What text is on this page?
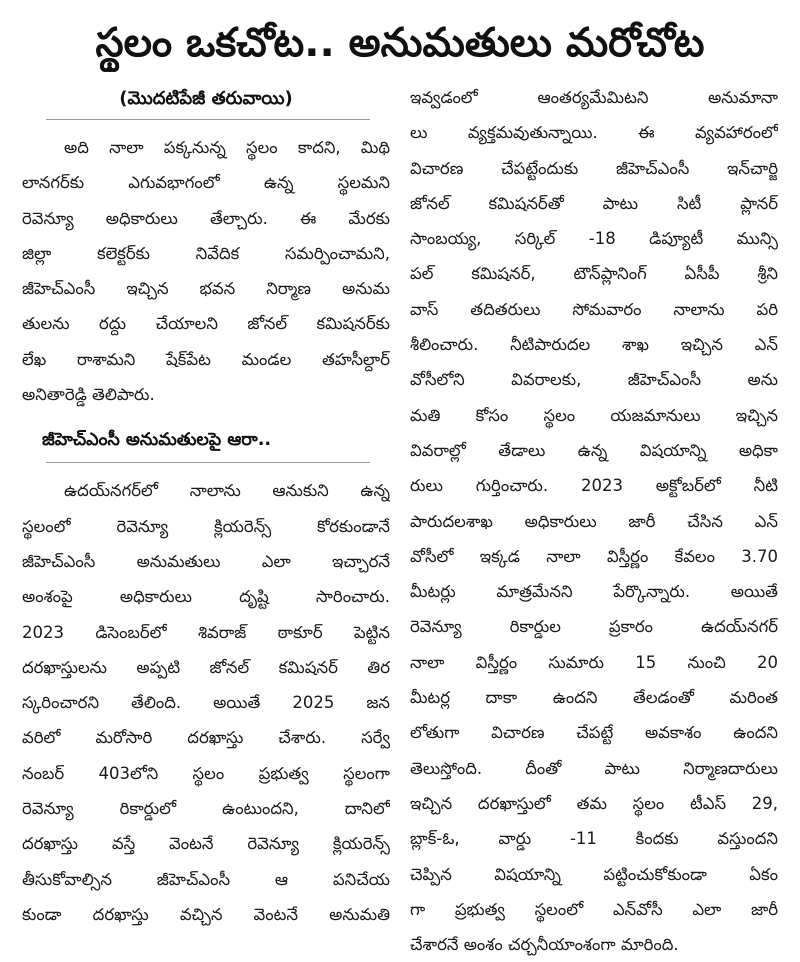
స్థలం ఒకచోట.. అనుమతులు మరోచోట
(మొదటిపేజీ తరువాయి)
అది నాలా పక్కనున్న స్థలం కాదని, మిథి
లానగర్‌కు ఎగువభాగంలో ఉన్న స్థలమని
రెవెన్యూ అధికారులు తేల్చారు. ఈ మేరకు
జిల్లా కలెక్టర్‌కు నివేదిక సమర్పించామని,
జీహెచ్‌ఎంసీ ఇచ్చిన భవన నిర్మాణ అనుమ
తులను రద్దు చేయాలని జోనల్ కమిషనర్‌కు
లేఖ రాశామని షేక్‌పేట మండల తహసీల్దార్
అనితారెడ్డి తెలిపారు.
జీహెచ్‌ఎంసీ అనుమతులపై ఆరా..
ఉదయ్‌నగర్‌లో నాలాను ఆనుకుని ఉన్న
స్థలంలో రెవెన్యూ క్లియరెన్స్ కోరకుండానే
జీహెచ్‌ఎంసీ అనుమతులు ఎలా ఇచ్చారనే
అంశంపై అధికారులు దృష్టి సారించారు.
2023 డిసెంబర్‌లో శివరాజ్ ఠాకూర్ పెట్టిన
దరఖాస్తులను అప్పటి జోనల్ కమిషనర్ తిర
స్కరించారని తేలింది. అయితే 2025 జన
వరిలో మరోసారి దరఖాస్తు చేశారు. సర్వే
నంబర్ 403లోని స్థలం ప్రభుత్వ స్థలంగా
రెవెన్యూ రికార్డులో ఉంటుందని, దానిలో
దరఖాస్తు వస్తే వెంటనే రెవెన్యూ క్లియరెన్స్
తీసుకోవాల్సిన జీహెచ్‌ఎంసీ ఆ పనిచేయ
కుండా దరఖాస్తు వచ్చిన వెంటనే అనుమతి
ఇవ్వడంలో ఆంతర్యమేమిటని అనుమానా
లు వ్యక్తమవుతున్నాయి. ఈ వ్యవహారంలో
విచారణ చేపట్టేందుకు జీహెచ్‌ఎంసీ ఇన్‌చార్జి
జోనల్ కమిషనర్‌తో పాటు సిటీ ప్లానర్
సాంబయ్య, సర్కిల్ -18 డిప్యూటీ మున్సి
పల్ కమిషనర్, టౌన్‌ప్లానింగ్ ఏసీపీ శ్రీని
వాస్ తదితరులు సోమవారం నాలాను పరి
శీలించారు. నీటిపారుదల శాఖ ఇచ్చిన ఎన్
వోసీలోని వివరాలకు, జీహెచ్‌ఎంసీ అను
మతి కోసం స్థలం యజమానులు ఇచ్చిన
వివరాల్లో తేడాలు ఉన్న విషయాన్ని అధికా
రులు గుర్తించారు. 2023 అక్టోబర్‌లో నీటి
పారుదలశాఖ అధికారులు జారీ చేసిన ఎన్
వోసీలో ఇక్కడ నాలా విస్తీర్ణం కేవలం 3.70
మీటర్లు మాత్రమేనని పేర్కొన్నారు. అయితే
రెవెన్యూ రికార్డుల ప్రకారం ఉదయ్‌నగర్
నాలా విస్తీర్ణం సుమారు 15 నుంచి 20
మీటర్ల దాకా ఉందని తేలడంతో మరింత
లోతుగా విచారణ చేపట్టే అవకాశం ఉందని
తెలుస్తోంది. దీంతో పాటు నిర్మాణదారులు
ఇచ్చిన దరఖాస్తులో తమ స్థలం టీఎస్ 29,
బ్లాక్-ఓ, వార్డు -11 కిందకు వస్తుందని
చెప్పిన విషయాన్ని పట్టించుకోకుండా ఏకం
గా ప్రభుత్వ స్థలంలో ఎన్‌వోసీ ఎలా జారీ
చేశారనే అంశం చర్చనీయాంశంగా మారింది.
